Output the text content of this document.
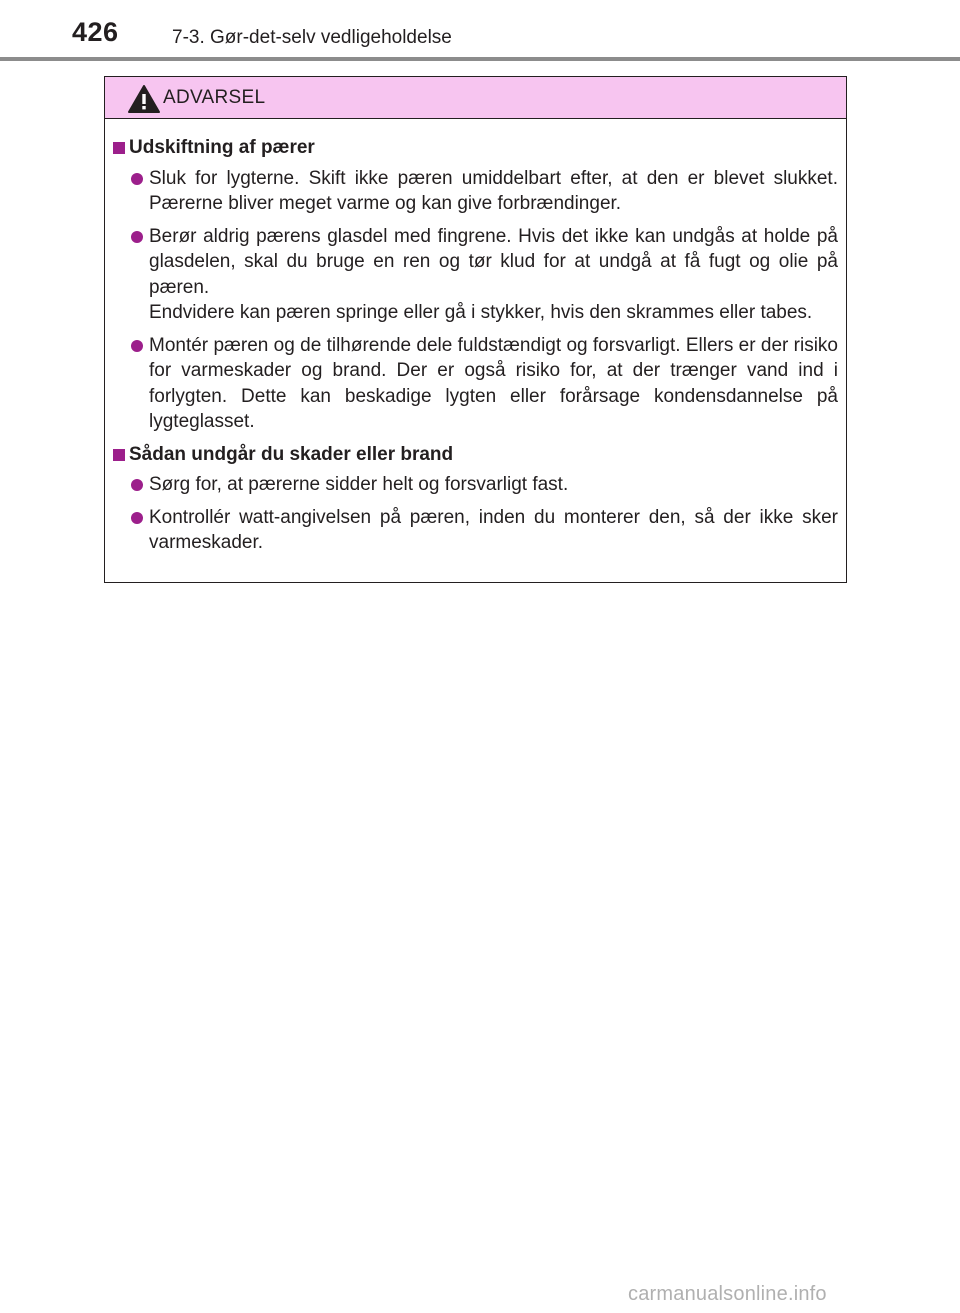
426	7-3. Gør-det-selv vedligeholdelse
ADVARSEL
Udskiftning af pærer

Sluk for lygterne. Skift ikke pæren umiddelbart efter, at den er blevet slukket. Pærerne bliver meget varme og kan give forbrændinger.

Berør aldrig pærens glasdel med fingrene. Hvis det ikke kan undgås at holde på glasdelen, skal du bruge en ren og tør klud for at undgå at få fugt og olie på pæren.

Endvidere kan pæren springe eller gå i stykker, hvis den skrammes eller tabes.

Montér pæren og de tilhørende dele fuldstændigt og forsvarligt. Ellers er der risiko for varmeskader og brand. Der er også risiko for, at der trænger vand ind i forlygten. Dette kan beskadige lygten eller forårsage kondensdannelse på lygteglasset.

Sådan undgår du skader eller brand

Sørg for, at pærerne sidder helt og forsvarligt fast.

Kontrollér watt-angivelsen på pæren, inden du monterer den, så der ikke sker varmeskader.

carmanualsonline.info
